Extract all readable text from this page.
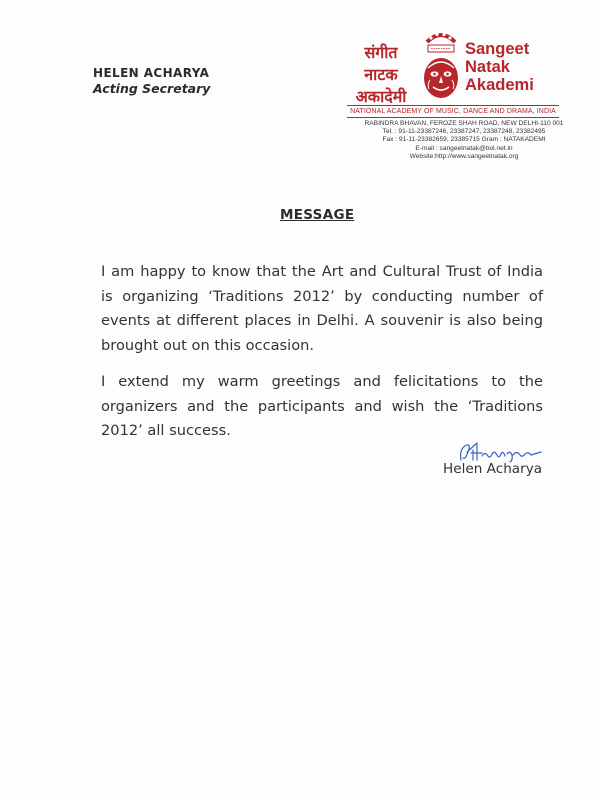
HELEN ACHARYA
Acting Secretary
संगीत
नाटक
अकादेमी
Sangeet
Natak
Akademi
NATIONAL ACADEMY OF MUSIC, DANCE AND DRAMA, INDIA
RABINDRA BHAVAN, FEROZE SHAH ROAD, NEW DELHI-110 001
Tel. : 91-11-23387246, 23387247, 23387248, 23382495
Fax : 91-11-23382659, 23385715 Gram : NATAKADEMI
E-mail : sangeetnatak@bol.net.in
Website:http://www.sangeetnatak.org
MESSAGE
I am happy to know that the Art and Cultural Trust of India is organizing ‘Traditions 2012’ by conducting number of events at different places in Delhi. A souvenir is also being brought out on this occasion.
I extend my warm greetings and felicitations to the organizers and the participants and wish the ‘Traditions 2012’ all success.
Helen Acharya
